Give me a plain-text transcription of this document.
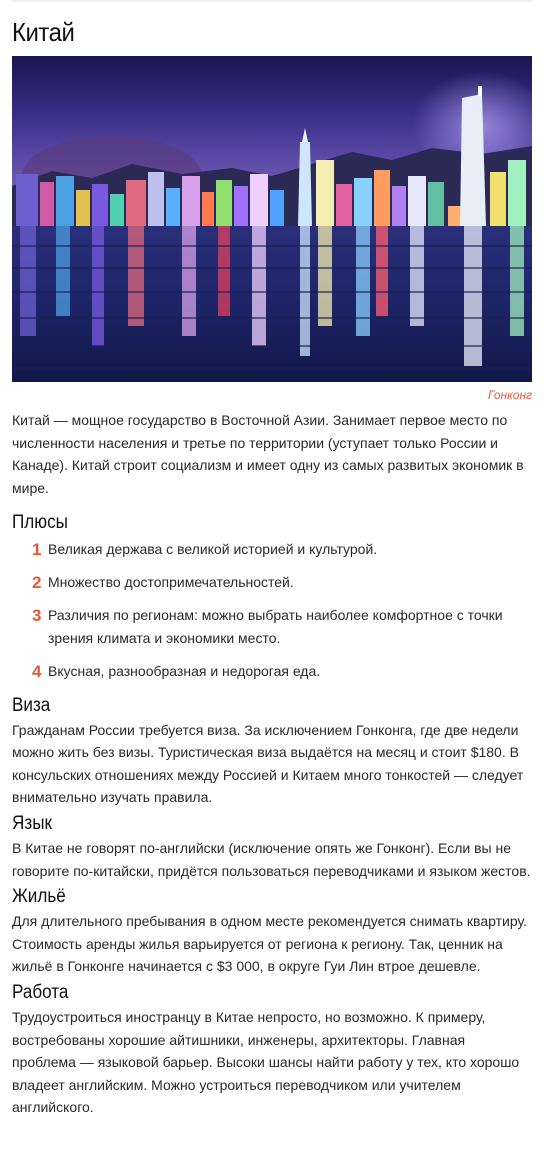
Китай
Гонконг

Китай — мощное государство в Восточной Азии. Занимает первое место по численности населения и третье по территории (уступает только России и Канаде). Китай строит социализм и имеет одну из самых развитых экономик в мире.

Плюсы
1 Великая держава с великой историей и культурой.
2 Множество достопримечательностей.
3 Различия по регионам: можно выбрать наиболее комфортное с точки зрения климата и экономики место.
4 Вкусная, разнообразная и недорогая еда.
Виза

Гражданам России требуется виза. За исключением Гонконга, где две недели можно жить без визы. Туристическая виза выдаётся на месяц и стоит $180. В консульских отношениях между Россией и Китаем много тонкостей — следует внимательно изучать правила.

Язык

В Китае не говорят по-английски (исключение опять же Гонконг). Если вы не говорите по-китайски, придётся пользоваться переводчиками и языком жестов.

Жильё

Для длительного пребывания в одном месте рекомендуется снимать квартиру. Стоимость аренды жилья варьируется от региона к региону. Так, ценник на жильё в Гонконге начинается с $3 000, в округе Гуи Лин втрое дешевле.

Работа

Трудоустроиться иностранцу в Китае непросто, но возможно. К примеру, востребованы хорошие айтишники, инженеры, архитекторы. Главная проблема — языковой барьер. Высоки шансы найти работу у тех, кто хорошо владеет английским. Можно устроиться переводчиком или учителем английского.
